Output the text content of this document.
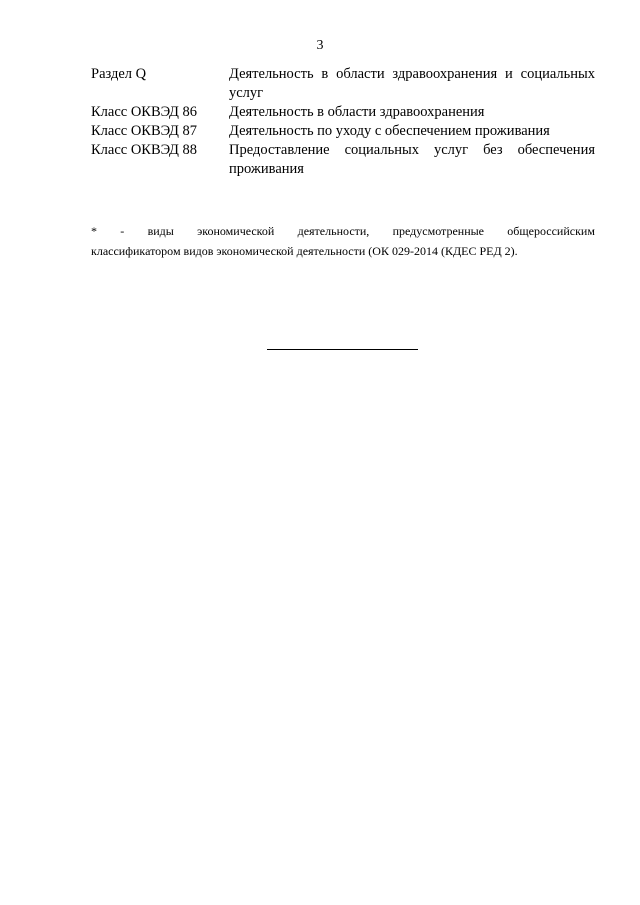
3
Раздел Q	Деятельность в области здравоохранения и социальных услуг
Класс ОКВЭД 86	Деятельность в области здравоохранения
Класс ОКВЭД 87	Деятельность по уходу с обеспечением проживания
Класс ОКВЭД 88	Предоставление социальных услуг без обеспечения проживания
* - виды экономической деятельности, предусмотренные общероссийским
классификатором видов экономической деятельности (ОК 029-2014 (КДЕС РЕД 2).
